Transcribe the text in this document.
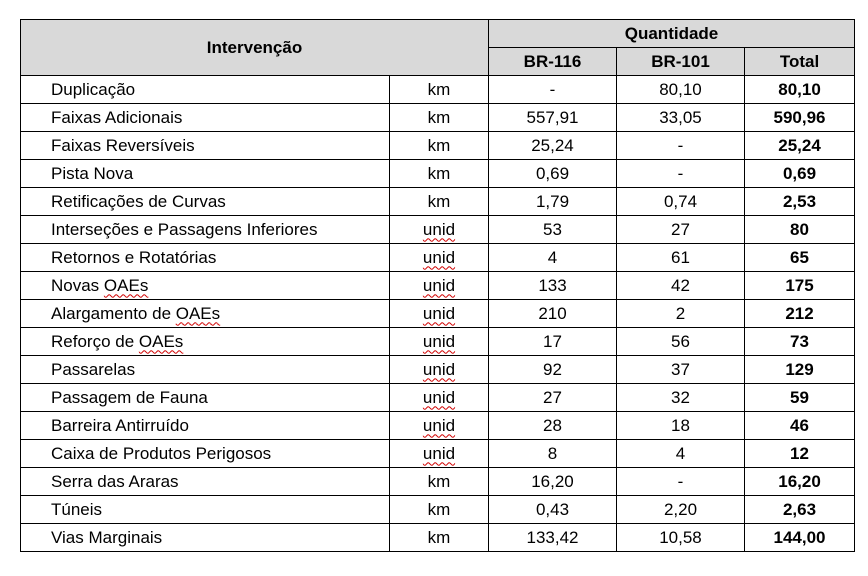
Intervenção		Quantidade		
		BR-116	BR-101	Total
Duplicação	km	-	80,10	80,10
Faixas Adicionais	km	557,91	33,05	590,96
Faixas Reversíveis	km	25,24	-	25,24
Pista Nova	km	0,69	-	0,69
Retificações de Curvas	km	1,79	0,74	2,53
Interseções e Passagens Inferiores	unid	53	27	80
Retornos e Rotatórias	unid	4	61	65
Novas OAEs	unid	133	42	175
Alargamento de OAEs	unid	210	2	212
Reforço de OAEs	unid	17	56	73
Passarelas	unid	92	37	129
Passagem de Fauna	unid	27	32	59
Barreira Antirruído	unid	28	18	46
Caixa de Produtos Perigosos	unid	8	4	12
Serra das Araras	km	16,20	-	16,20
Túneis	km	0,43	2,20	2,63
Vias Marginais	km	133,42	10,58	144,00
